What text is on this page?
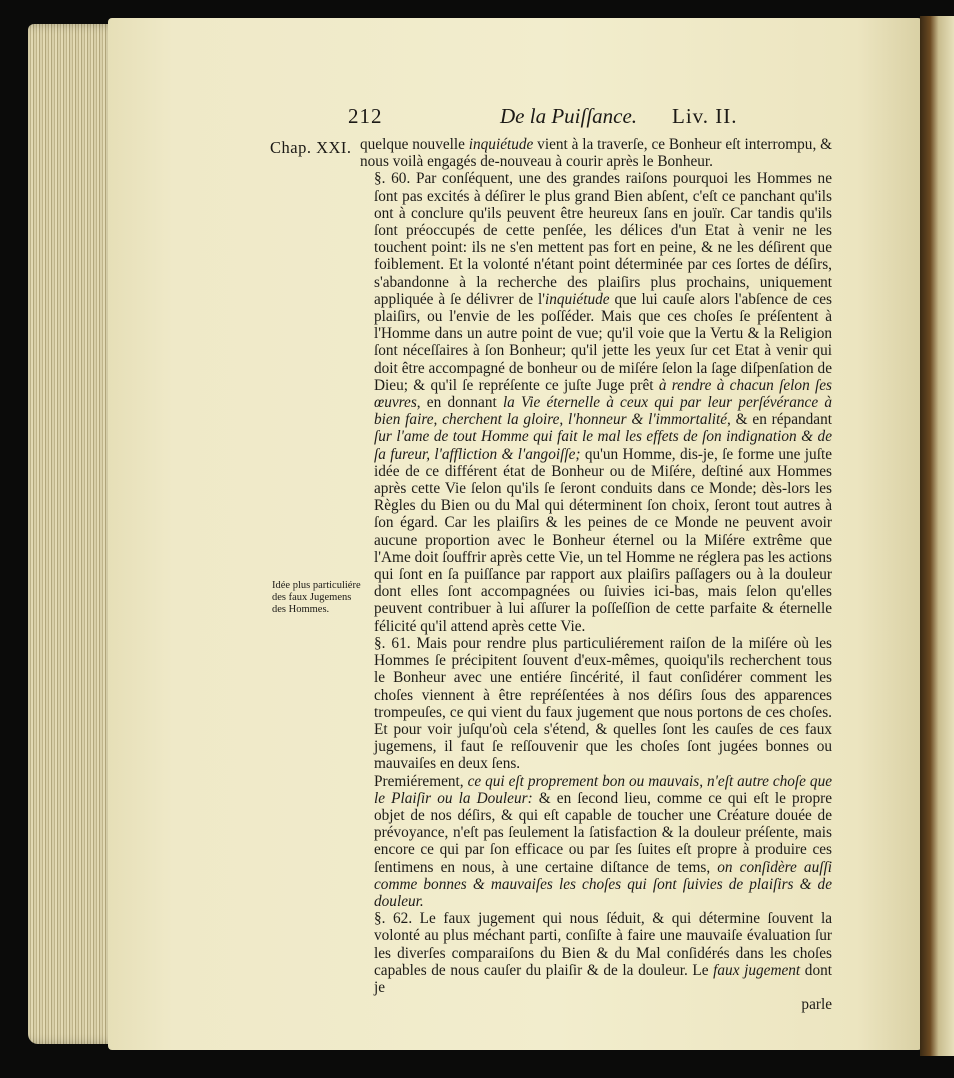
212	De la Puiſſance. Liv. II.
Chap. XXI.
Idée plus particuliére des faux Jugemens des Hommes.

quelque nouvelle inquiétude vient à la traverſe, ce Bonheur eſt interrompu, & nous voilà engagés de-nouveau à courir après le Bonheur.

§. 60. Par conſéquent, une des grandes raiſons pourquoi les Hommes ne ſont pas excités à déſirer le plus grand Bien abſent, c'eſt ce panchant qu'ils ont à conclure qu'ils peuvent être heureux ſans en jouïr. Car tandis qu'ils ſont préoccupés de cette penſée, les délices d'un Etat à venir ne les touchent point: ils ne s'en mettent pas fort en peine, & ne les déſirent que foiblement. Et la volonté n'étant point déterminée par ces ſortes de déſirs, s'abandonne à la recherche des plaiſirs plus prochains, uniquement appliquée à ſe délivrer de l'inquiétude que lui cauſe alors l'abſence de ces plaiſirs, ou l'envie de les poſſéder. Mais que ces choſes ſe préſentent à l'Homme dans un autre point de vue; qu'il voie que la Vertu & la Religion ſont néceſſaires à ſon Bonheur; qu'il jette les yeux ſur cet Etat à venir qui doit être accompagné de bonheur ou de miſére ſelon la ſage diſpenſation de Dieu; & qu'il ſe repréſente ce juſte Juge prêt à rendre à chacun ſelon ſes œuvres, en donnant la Vie éternelle à ceux qui par leur perſévérance à bien faire, cherchent la gloire, l'honneur & l'immortalité, & en répandant ſur l'ame de tout Homme qui fait le mal les effets de ſon indignation & de ſa fureur, l'affliction & l'angoiſſe; qu'un Homme, dis-je, ſe forme une juſte idée de ce différent état de Bonheur ou de Miſére, deſtiné aux Hommes après cette Vie ſelon qu'ils ſe ſeront conduits dans ce Monde; dès-lors les Règles du Bien ou du Mal qui déterminent ſon choix, ſeront tout autres à ſon égard. Car les plaiſirs & les peines de ce Monde ne peuvent avoir aucune proportion avec le Bonheur éternel ou la Miſére extrême que l'Ame doit ſouffrir après cette Vie, un tel Homme ne réglera pas les actions qui ſont en ſa puiſſance par rapport aux plaiſirs paſſagers ou à la douleur dont elles ſont accompagnées ou ſuivies ici-bas, mais ſelon qu'elles peuvent contribuer à lui aſſurer la poſſeſſion de cette parfaite & éternelle félicité qu'il attend après cette Vie.

§. 61. Mais pour rendre plus particuliérement raiſon de la miſére où les Hommes ſe précipitent ſouvent d'eux-mêmes, quoiqu'ils recherchent tous le Bonheur avec une entiére ſincérité, il faut conſidérer comment les choſes viennent à être repréſentées à nos déſirs ſous des apparences trompeuſes, ce qui vient du faux jugement que nous portons de ces choſes. Et pour voir juſqu'où cela s'étend, & quelles ſont les cauſes de ces faux jugemens, il faut ſe reſſouvenir que les choſes ſont jugées bonnes ou mauvaiſes en deux ſens.

Premiérement, ce qui eſt proprement bon ou mauvais, n'eſt autre choſe que le Plaiſir ou la Douleur: & en ſecond lieu, comme ce qui eſt le propre objet de nos déſirs, & qui eſt capable de toucher une Créature douée de prévoyance, n'eſt pas ſeulement la ſatisfaction & la douleur préſente, mais encore ce qui par ſon efficace ou par ſes ſuites eſt propre à produire ces ſentimens en nous, à une certaine diſtance de tems, on conſidère auſſi comme bonnes & mauvaiſes les choſes qui ſont ſuivies de plaiſirs & de douleur.

§. 62. Le faux jugement qui nous ſéduit, & qui détermine ſouvent la volonté au plus méchant parti, conſiſte à faire une mauvaiſe évaluation ſur les diverſes comparaiſons du Bien & du Mal conſidérés dans les choſes capables de nous cauſer du plaiſir & de la douleur. Le faux jugement dont je

parle
